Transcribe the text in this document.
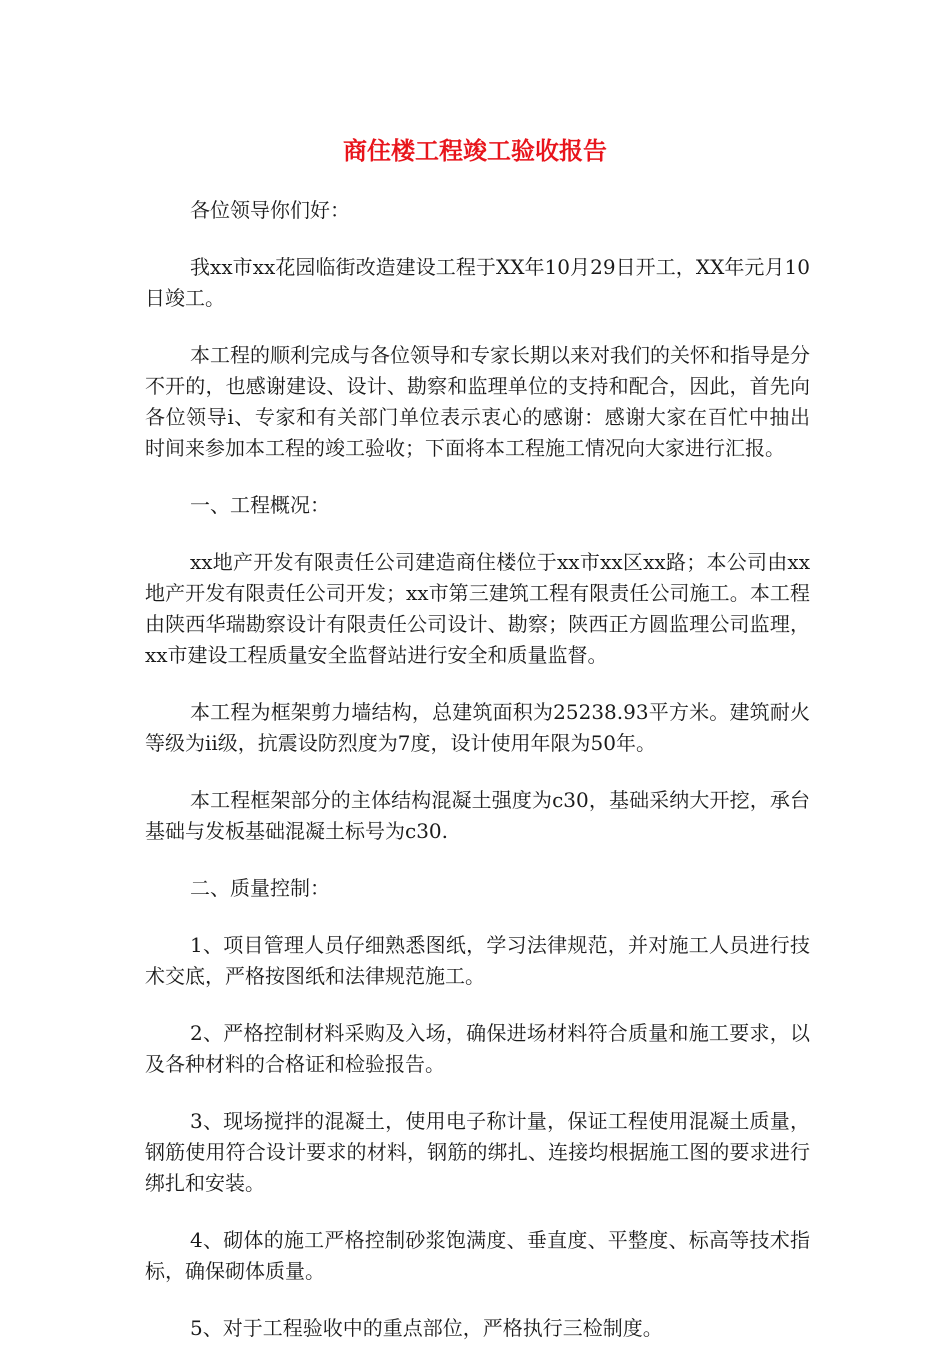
商住楼工程竣工验收报告

各位领导你们好：

我xx市xx花园临街改造建设工程于XX年10月29日开工，XX年元月10日竣工。

本工程的顺利完成与各位领导和专家长期以来对我们的关怀和指导是分不开的，也感谢建设、设计、勘察和监理单位的支持和配合，因此，首先向各位领导i、专家和有关部门单位表示衷心的感谢：感谢大家在百忙中抽出时间来参加本工程的竣工验收；下面将本工程施工情况向大家进行汇报。

一、工程概况：

xx地产开发有限责任公司建造商住楼位于xx市xx区xx路；本公司由xx地产开发有限责任公司开发；xx市第三建筑工程有限责任公司施工。本工程由陕西华瑞勘察设计有限责任公司设计、勘察；陕西正方圆监理公司监理，xx市建设工程质量安全监督站进行安全和质量监督。

本工程为框架剪力墙结构，总建筑面积为25238.93平方米。建筑耐火等级为ii级，抗震设防烈度为7度，设计使用年限为50年。

本工程框架部分的主体结构混凝土强度为c30，基础采纳大开挖，承台基础与发板基础混凝土标号为c30.

二、质量控制：

1、项目管理人员仔细熟悉图纸，学习法律规范，并对施工人员进行技术交底，严格按图纸和法律规范施工。

2、严格控制材料采购及入场，确保进场材料符合质量和施工要求，以及各种材料的合格证和检验报告。

3、现场搅拌的混凝土，使用电子称计量，保证工程使用混凝土质量，钢筋使用符合设计要求的材料，钢筋的绑扎、连接均根据施工图的要求进行绑扎和安装。

4、砌体的施工严格控制砂浆饱满度、垂直度、平整度、标高等技术指标，确保砌体质量。

5、对于工程验收中的重点部位，严格执行三检制度。
